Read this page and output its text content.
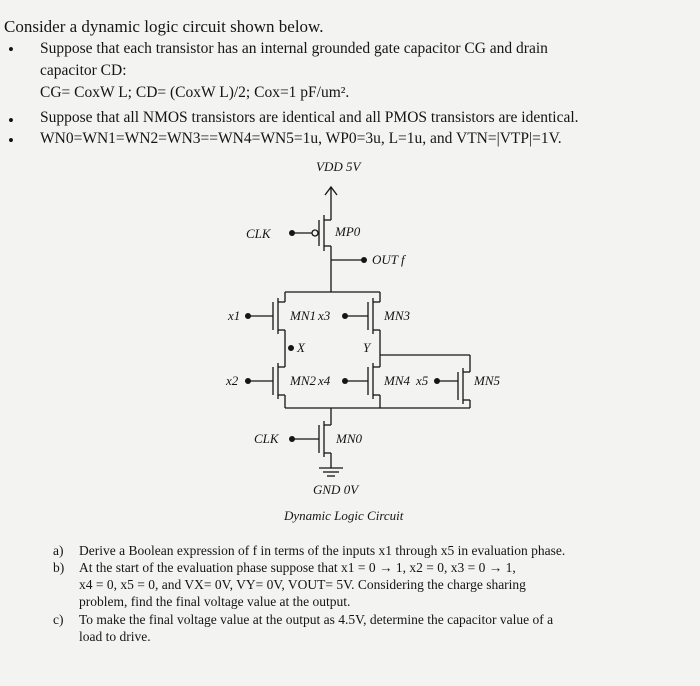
Consider a dynamic logic circuit shown below.
•
•
•
Suppose that each transistor has an internal grounded gate capacitor CG and drain
capacitor CD:
CG= CoxW L; CD= (CoxW L)/2; Cox=1 pF/um².
Suppose that all NMOS transistors are identical and all PMOS transistors are identical.
WN0=WN1=WN2=WN3==WN4=WN5=1u, WP0=3u, L=1u, and VTN=|VTP|=1V.
VDD 5V
CLK	MP0
OUT f
x1	MN1 x3	MN3
X	Y
x2	MN2 x4	MN4 x5	MN5
CLK	MN0
GND 0V
Dynamic Logic Circuit
a) Derive a Boolean expression of f in terms of the inputs x1 through x5 in evaluation phase.
b) At the start of the evaluation phase suppose that x1 = 0 → 1, x2 = 0, x3 = 0 → 1,
x4 = 0, x5 = 0, and VX= 0V, VY= 0V, VOUT= 5V. Considering the charge sharing
problem, find the final voltage value at the output.
c) To make the final voltage value at the output as 4.5V, determine the capacitor value of a
load to drive.
